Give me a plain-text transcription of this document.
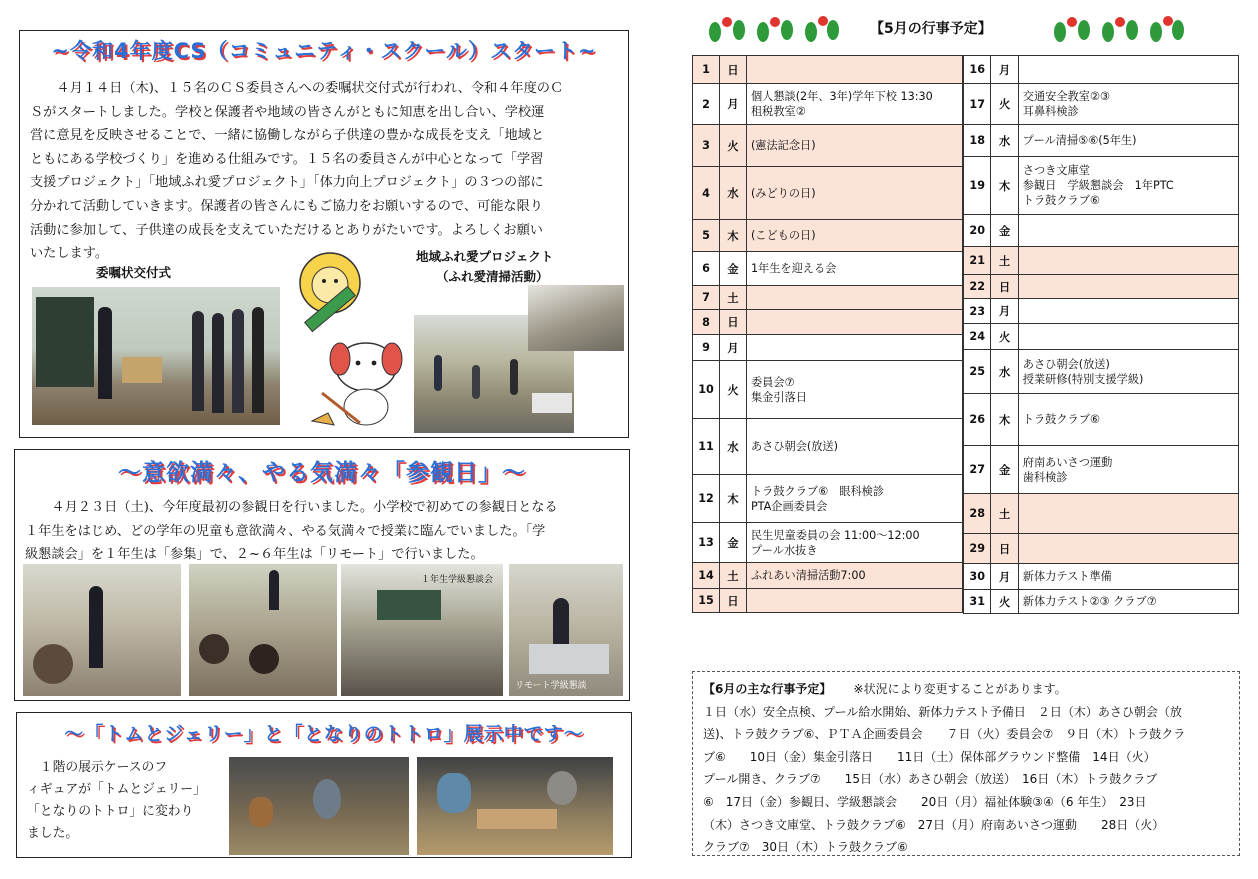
~令和4年度CS（コミュニティ・スクール）スタート~
４月１４日（木)、１５名のＣＳ委員さんへの委嘱状交付式が行われ、令和４年度のＣ
Ｓがスタートしました。学校と保護者や地域の皆さんがともに知恵を出し合い、学校運
営に意見を反映させることで、一緒に協働しながら子供達の豊かな成長を支え「地域と
ともにある学校づくり」を進める仕組みです。１５名の委員さんが中心となって「学習
支援プロジェクト」「地域ふれ愛プロジェクト」「体力向上プロジェクト」の３つの部に
分かれて活動していきます。保護者の皆さんにもご協力をお願いするので、可能な限り
活動に参加して、子供達の成長を支えていただけるとありがたいです。よろしくお願い
いたします。
委嘱状交付式
地域ふれ愛プロジェクト
（ふれ愛清掃活動）
～意欲満々、やる気満々「参観日」～
４月２３日（土)、今年度最初の参観日を行いました。小学校で初めての参観日となる
１年生をはじめ、どの学年の児童も意欲満々、やる気満々で授業に臨んでいました。「学
級懇談会」を１年生は「参集」で、２~６年生は「リモート」で行いました。
１年生学級懇談会
リモート学級懇談
～「トムとジェリー」と「となりのトトロ」展示中です～
１階の展示ケースのフ
ィギュアが「トムとジェリー」
「となりのトトロ」に変わり
ました。
【5月の行事予定】
1	日	

2	月	個人懇談(2年、3年)学年下校 13:30
租税教室②

3	火	(憲法記念日)

4	水	(みどりの日)

5	木	(こどもの日)

6	金	1年生を迎える会

7	土	

8	日	

9	月	

10	火	委員会⑦
集金引落日

11	水	あさひ朝会(放送)

12	木	トラ鼓クラブ⑥　眼科検診
PTA企画委員会

13	金	民生児童委員の会 11:00～12:00
プール水抜き

14	土	ふれあい清掃活動7:00

15	日	
16	月	

17	火	交通安全教室②③
耳鼻科検診

18	水	プール清掃⑤⑥(5年生)

19	木	さつき文庫堂
参観日　学級懇談会　1年PTC
トラ鼓クラブ⑥

20	金	

21	土	

22	日	

23	月	

24	火	

25	水	あさひ朝会(放送)
授業研修(特別支援学級)

26	木	トラ鼓クラブ⑥

27	金	府南あいさつ運動
歯科検診

28	土	

29	日	

30	月	新体力テスト準備

31	火	新体力テスト②③ クラブ⑦
【6月の主な行事予定】 ※状況により変更することがあります。
１日（水）安全点検、プール給水開始、新体力テスト予備日　２日（木）あさひ朝会（放
送)、トラ鼓クラブ⑥、ＰＴＡ企画委員会　　７日（火）委員会⑦　９日（木）トラ鼓クラ
ブ⑥　　10日（金）集金引落日　　11日（土）保体部グラウンド整備　14日（火）
プール開き、クラブ⑦　　15日（水）あさひ朝会（放送）　16日（木）トラ鼓クラブ
⑥　17日（金）参観日、学級懇談会　　20日（月）福祉体験③④（6 年生）　23日
（木）さつき文庫堂、トラ鼓クラブ⑥　27日（月）府南あいさつ運動　　28日（火）
クラブ⑦　30日（木）トラ鼓クラブ⑥
